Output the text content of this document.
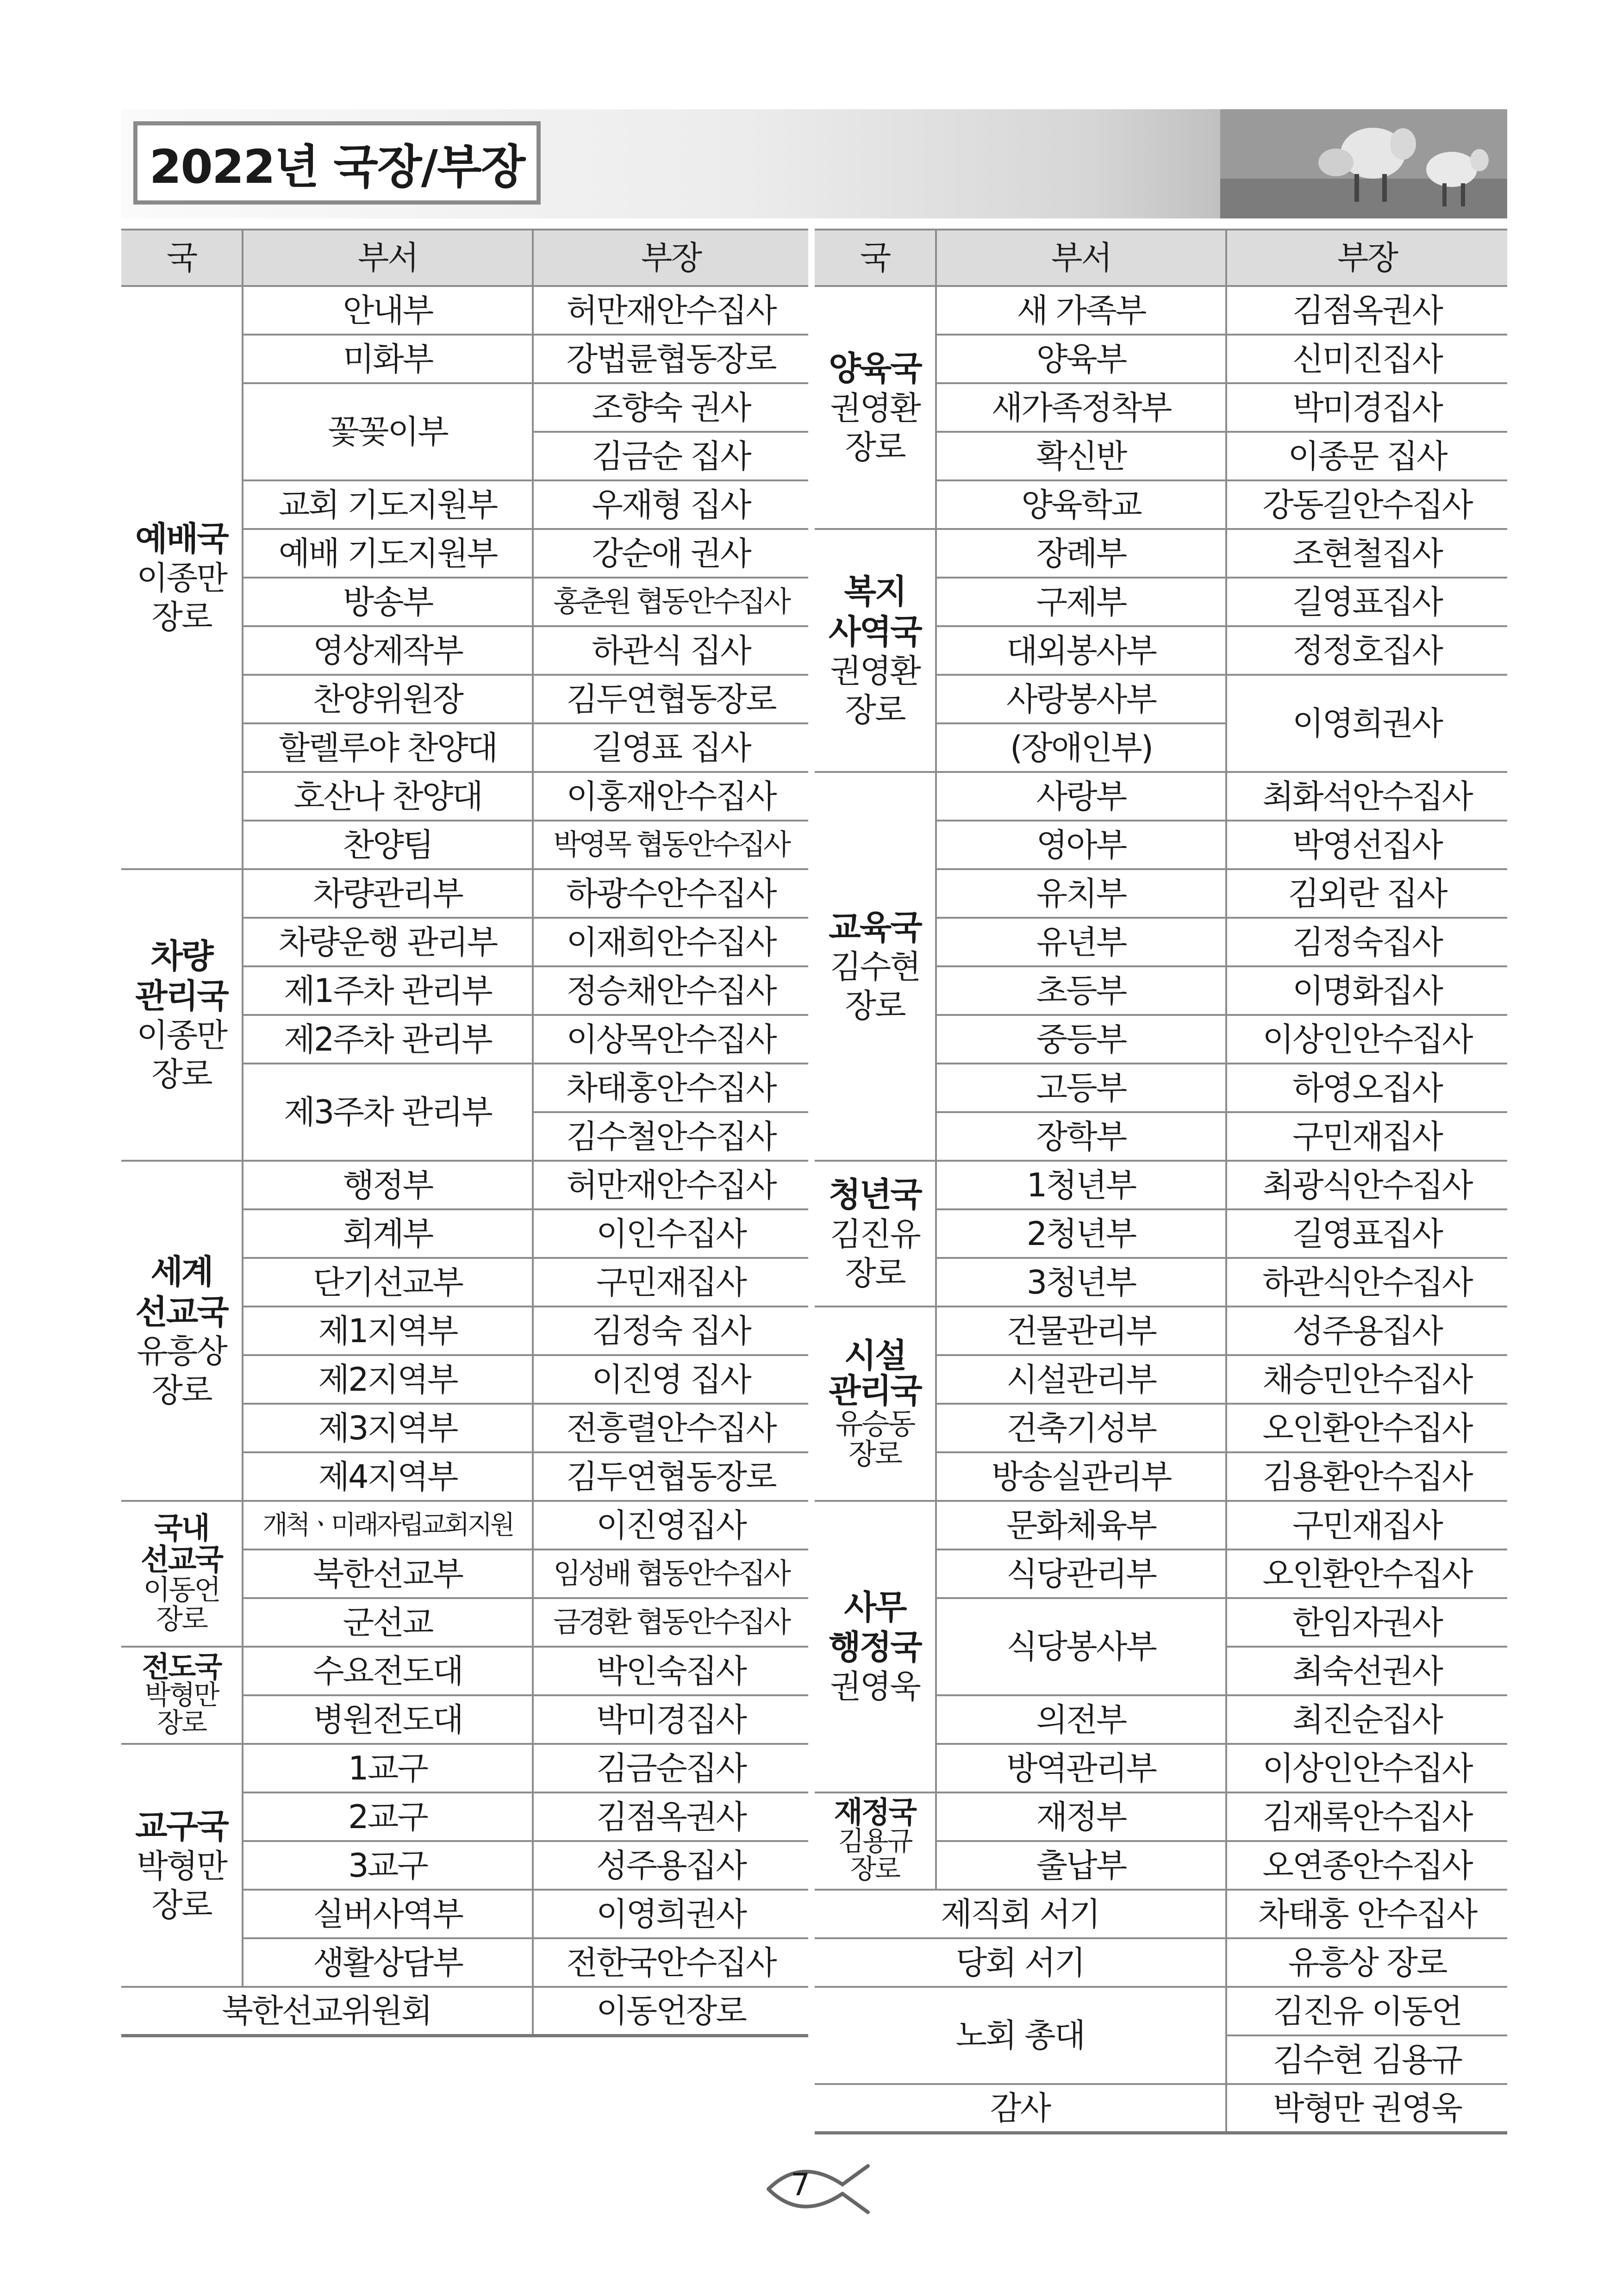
2022년 국장/부장
국	부서	부장

예배국
이종만
장로	안내부	허만재안수집사
	미화부	강법륜협동장로
	꽃꽂이부	조향숙 권사
		김금순 집사
	교회 기도지원부	우재형 집사
	예배 기도지원부	강순애 권사
	방송부	홍춘원 협동안수집사
	영상제작부	하관식 집사
	찬양위원장	김두연협동장로
	할렐루야 찬양대	길영표 집사
	호산나 찬양대	이홍재안수집사
	찬양팀	박영목 협동안수집사

차량
관리국
이종만
장로	차량관리부	하광수안수집사
	차량운행 관리부	이재희안수집사
	제1주차 관리부	정승채안수집사
	제2주차 관리부	이상목안수집사
	제3주차 관리부	차태홍안수집사
		김수철안수집사

세계
선교국
유흥상
장로	행정부	허만재안수집사
	회계부	이인수집사
	단기선교부	구민재집사
	제1지역부	김정숙 집사
	제2지역부	이진영 집사
	제3지역부	전흥렬안수집사
	제4지역부	김두연협동장로

국내
선교국
이동언
장로	개척ㆍ미래자립교회지원	이진영집사
	북한선교부	임성배 협동안수집사
	군선교	금경환 협동안수집사

전도국
박형만
장로	수요전도대	박인숙집사
	병원전도대	박미경집사

교구국
박형만
장로	1교구	김금순집사
	2교구	김점옥권사
	3교구	성주용집사
	실버사역부	이영희권사
	생활상담부	전한국안수집사
북한선교위원회		이동언장로
국	부서	부장

양육국
권영환
장로	새 가족부	김점옥권사
	양육부	신미진집사
	새가족정착부	박미경집사
	확신반	이종문 집사
	양육학교	강동길안수집사

복지
사역국
권영환
장로	장례부	조현철집사
	구제부	길영표집사
	대외봉사부	정정호집사
	사랑봉사부	이영희권사
	(장애인부)	

교육국
김수현
장로	사랑부	최화석안수집사
	영아부	박영선집사
	유치부	김외란 집사
	유년부	김정숙집사
	초등부	이명화집사
	중등부	이상인안수집사
	고등부	하영오집사
	장학부	구민재집사

청년국
김진유
장로	1청년부	최광식안수집사
	2청년부	길영표집사
	3청년부	하관식안수집사

시설
관리국
유승동
장로	건물관리부	성주용집사
	시설관리부	채승민안수집사
	건축기성부	오인환안수집사
	방송실관리부	김용환안수집사

사무
행정국
권영욱	문화체육부	구민재집사
	식당관리부	오인환안수집사
	식당봉사부	한임자권사
		최숙선권사
	의전부	최진순집사
	방역관리부	이상인안수집사

재정국
김용규
장로	재정부	김재록안수집사
	출납부	오연종안수집사
제직회 서기		차태홍 안수집사
당회 서기		유흥상 장로
노회 총대		김진유 이동언
		김수현 김용규
감사		박형만 권영욱
7
